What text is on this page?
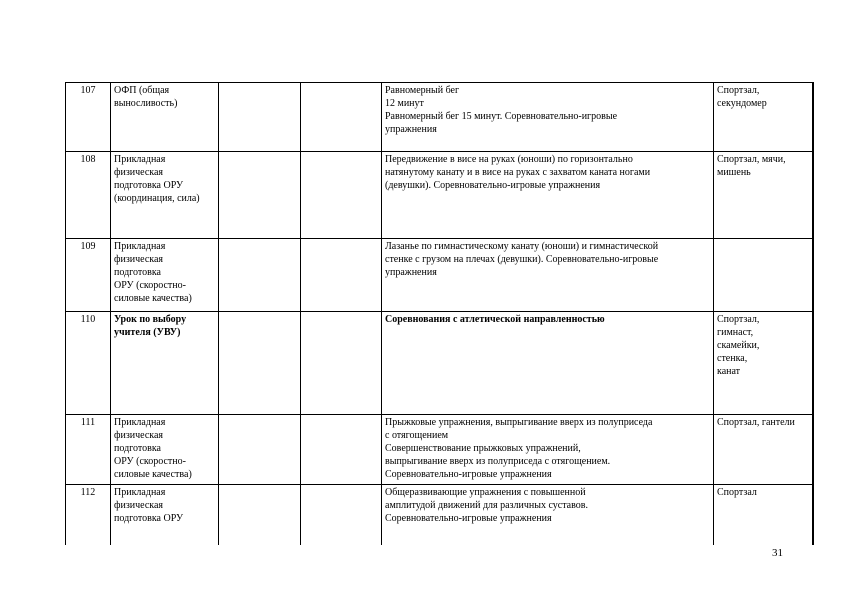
107	ОФП (общая
выносливость)			Равномерный бег
12 минут
Равномерный бег 15 минут. Соревновательно-игровые
упражнения	Спортзал,
секундомер

108	Прикладная
физическая
подготовка ОРУ
(координация, сила)			Передвижение в висе на руках (юноши) по горизонтально
натянутому канату и в висе на руках с захватом каната ногами
(девушки). Соревновательно-игровые упражнения	Спортзал, мячи,
мишень

109	Прикладная
физическая
подготовка
ОРУ (скоростно-
силовые качества)			Лазанье по гимнастическому канату (юноши) и гимнастической
стенке с грузом на плечах (девушки). Соревновательно-игровые
упражнения	

110	Урок по выбору
учителя (УВУ)			Соревнования с атлетической направленностью	Спортзал,
гимнаст,
скамейки,
стенка,
канат

111	Прикладная
физическая
подготовка
ОРУ (скоростно-
силовые качества)			Прыжковые упражнения, выпрыгивание вверх из полуприседа
с отягощением
Совершенствование прыжковых упражнений,
выпрыгивание вверх из полуприседа с отягощением.
Соревновательно-игровые упражнения	Спортзал, гантели

112	Прикладная
физическая
подготовка ОРУ			Общеразвивающие упражнения с повышенной
амплитудой движений для различных суставов.
Соревновательно-игровые упражнения	Спортзал
31
